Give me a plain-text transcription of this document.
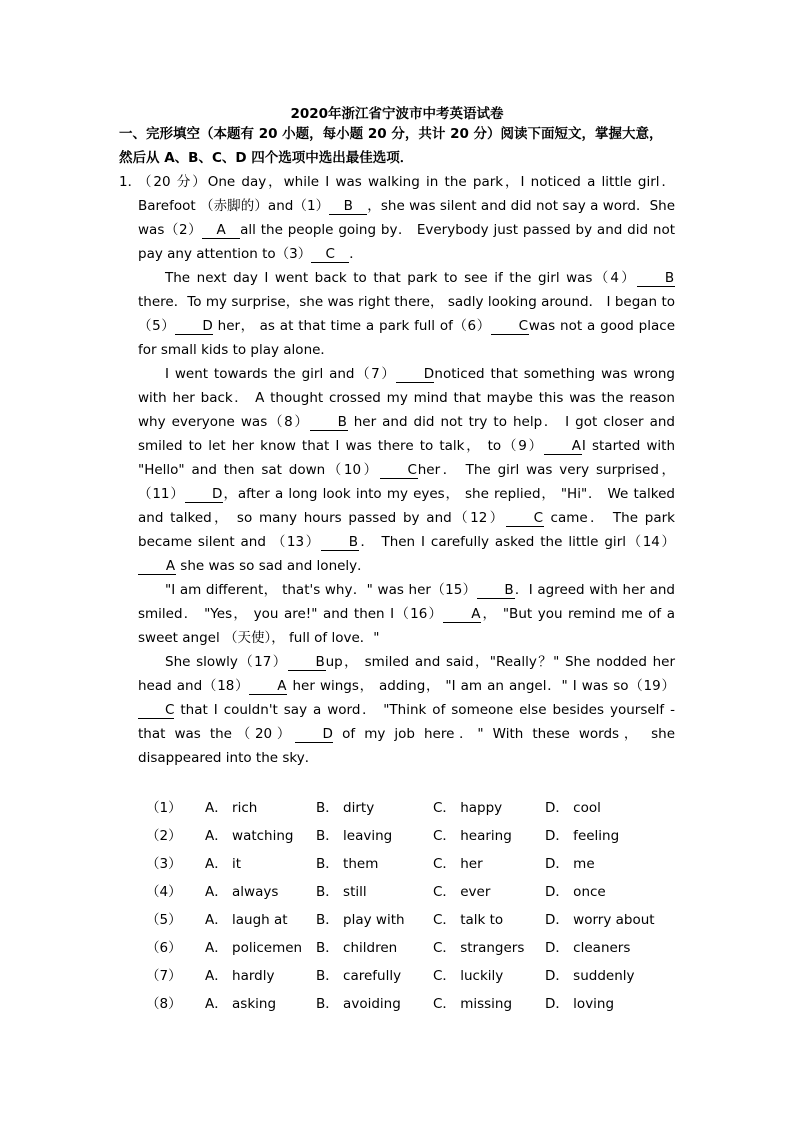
2020年浙江省宁波市中考英语试卷
一、完形填空（本题有 20 小题，每小题 20 分，共计 20 分）阅读下面短文，掌握大意，然后从 A、B、C、D 四个选项中选出最佳选项．
1．

（20 分）One day，while I was walking in the park，I noticed a little girl．Barefoot （赤脚的）and（1） B ，she was silent and did not say a word．She was（2） A all the people going by． Everybody just passed by and did not pay any attention to（3） C ．

The next day I went back to that park to see if the girl was（4） Bthere．To my surprise，she was right there， sadly looking around． I began to（5） D her， as at that time a park full of（6） Cwas not a good place for small kids to play alone．

I went towards the girl and（7） Dnoticed that something was wrong with her back． A thought crossed my mind that maybe this was the reason why everyone was（8） B her and did not try to help． I got closer and smiled to let her know that I was there to talk， to（9） AI started with "Hello" and then sat down（10） Cher． The girl was very surprised， （11） D，after a long look into my eyes， she replied， "Hi"． We talked and talked， so many hours passed by and（12） C came． The park became silent and （13） B． Then I carefully asked the little girl（14）A she was so sad and lonely．

"I am different， that's why．" was her（15） B．I agreed with her and smiled． "Yes， you are!" and then I（16） A， "But you remind me of a sweet angel （天使）， full of love．"

She slowly（17） Bup， smiled and said，"Really？" She nodded her head and（18） A her wings， adding， "I am an angel．" I was so（19）C that I couldn't say a word． "Think of someone else besides yourself - that was the（20） D of my job here．" With these words， she disappeared into the sky．

（1） A． rich	B． dirty	C． happy	D． cool
（2） A． watching B． leaving	C． hearing D． feeling
（3） A． it	B． them	C． her	D． me
（4） A． always	B． still	C． ever	D． once
（5） A． laugh at B． play with C． talk to	D． worry about
（6） A． policemen B． children	C． strangers D． cleaners
（7） A． hardly	B． carefully C． luckily	D． suddenly
（8） A． asking	B． avoiding C． missing D． loving
